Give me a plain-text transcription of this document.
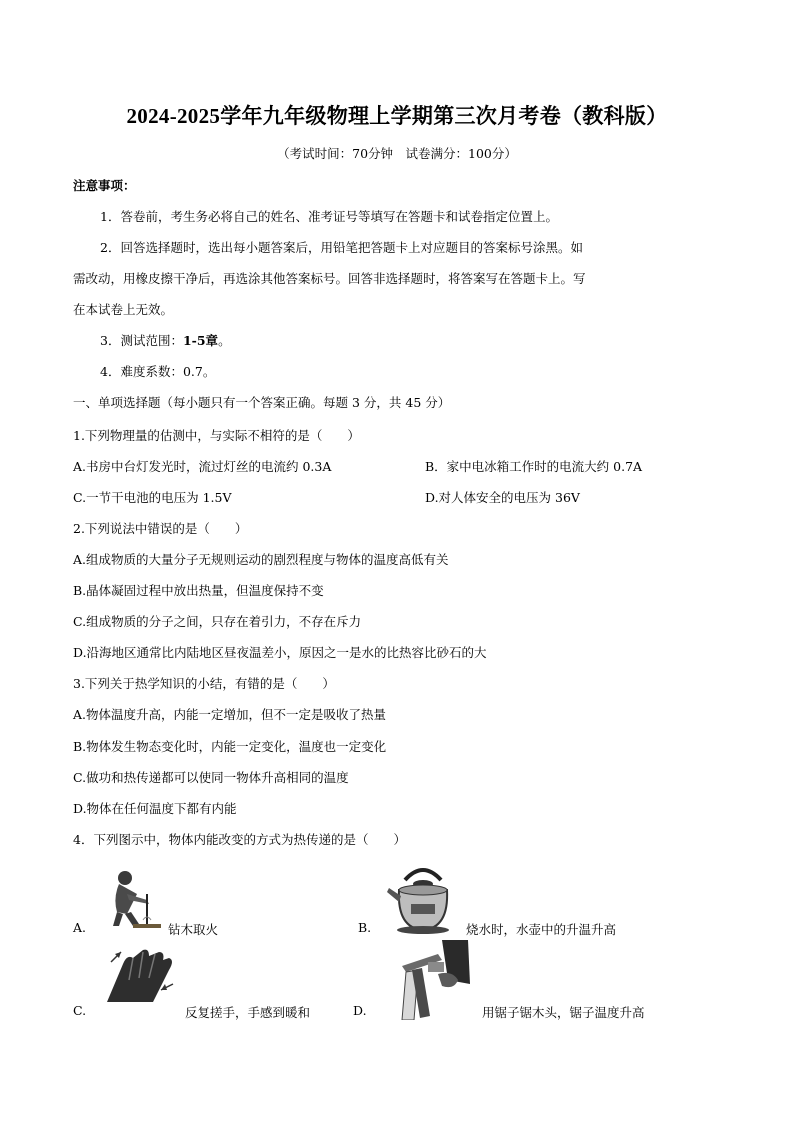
2024-2025学年九年级物理上学期第三次月考卷（教科版）
（考试时间：70分钟　试卷满分：100分）
注意事项：
1．答卷前，考生务必将自己的姓名、准考证号等填写在答题卡和试卷指定位置上。
2．回答选择题时，选出每小题答案后，用铅笔把答题卡上对应题目的答案标号涂黑。如
需改动，用橡皮擦干净后，再选涂其他答案标号。回答非选择题时，将答案写在答题卡上。写
在本试卷上无效。
3．测试范围：1-5章。
4．难度系数：0.7。
一、单项选择题（每小题只有一个答案正确。每题 3 分，共 45 分）
1.下列物理量的估测中，与实际不相符的是（　　）
A.书房中台灯发光时，流过灯丝的电流约 0.3A	B．家中电冰箱工作时的电流大约 0.7A
C.一节干电池的电压为 1.5V	D.对人体安全的电压为 36V
2.下列说法中错误的是（　　）
A.组成物质的大量分子无规则运动的剧烈程度与物体的温度高低有关
B.晶体凝固过程中放出热量，但温度保持不变
C.组成物质的分子之间，只存在着引力，不存在斥力
D.沿海地区通常比内陆地区昼夜温差小，原因之一是水的比热容比砂石的大
3.下列关于热学知识的小结，有错的是（　　）
A.物体温度升高，内能一定增加，但不一定是吸收了热量
B.物体发生物态变化时，内能一定变化，温度也一定变化
C.做功和热传递都可以使同一物体升高相同的温度
D.物体在任何温度下都有内能
4．下列图示中，物体内能改变的方式为热传递的是（　　）
A.	钻木取火	B.	烧水时，水壶中的升温升高
C.	反复搓手，手感到暖和	D.	用锯子锯木头，锯子温度升高
